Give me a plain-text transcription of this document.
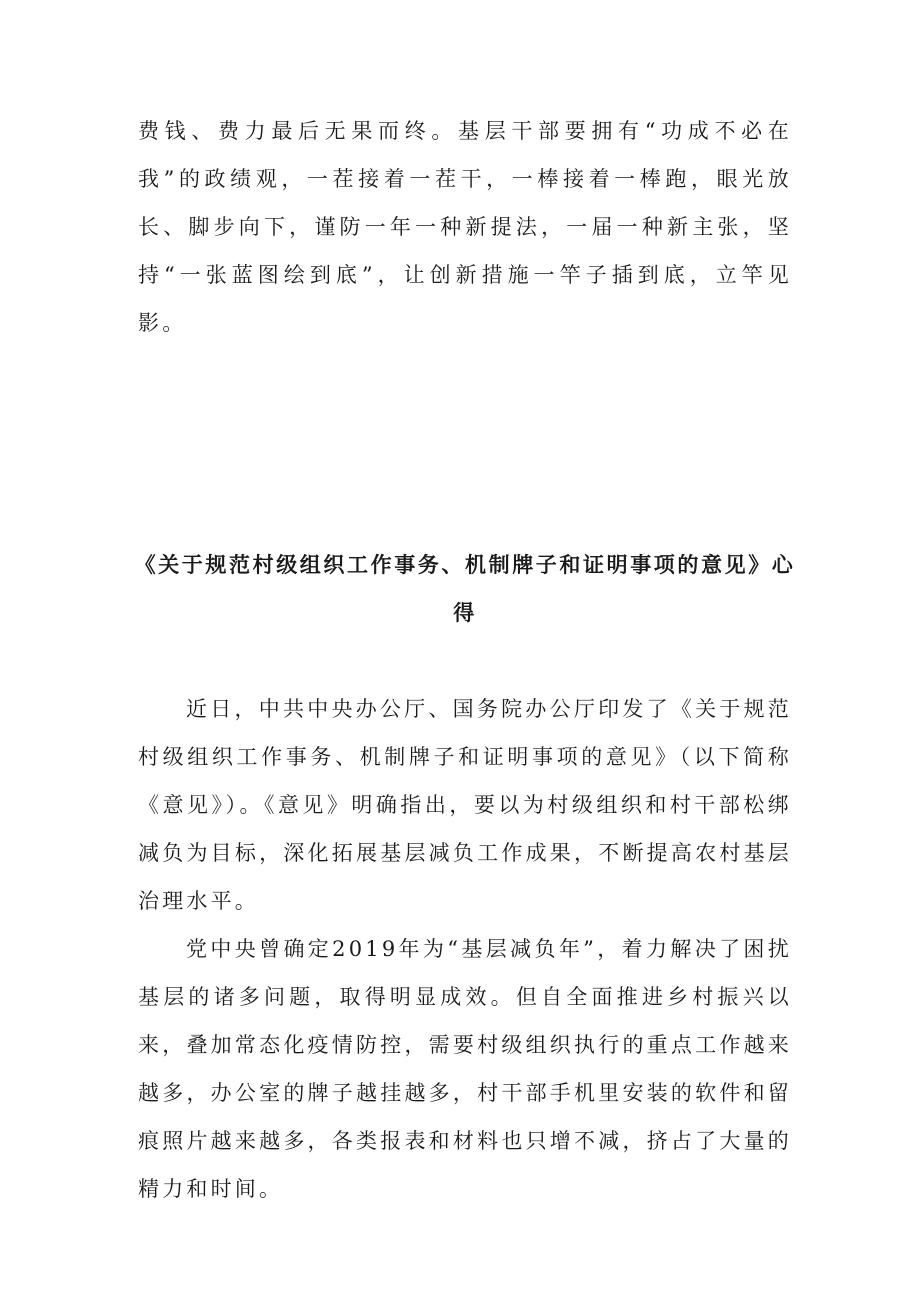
费钱、费力最后无果而终。基层干部要拥有“功成不必在我”的政绩观，一茬接着一茬干，一棒接着一棒跑，眼光放长、脚步向下，谨防一年一种新提法，一届一种新主张，坚持“一张蓝图绘到底”，让创新措施一竿子插到底，立竿见影。

《关于规范村级组织工作事务、机制牌子和证明事项的意见》心得

近日，中共中央办公厅、国务院办公厅印发了《关于规范村级组织工作事务、机制牌子和证明事项的意见》（以下简称《意见》）。《意见》明确指出，要以为村级组织和村干部松绑减负为目标，深化拓展基层减负工作成果，不断提高农村基层治理水平。

党中央曾确定2019年为“基层减负年”，着力解决了困扰基层的诸多问题，取得明显成效。但自全面推进乡村振兴以来，叠加常态化疫情防控，需要村级组织执行的重点工作越来越多，办公室的牌子越挂越多，村干部手机里安装的软件和留痕照片越来越多，各类报表和材料也只增不减，挤占了大量的精力和时间。
